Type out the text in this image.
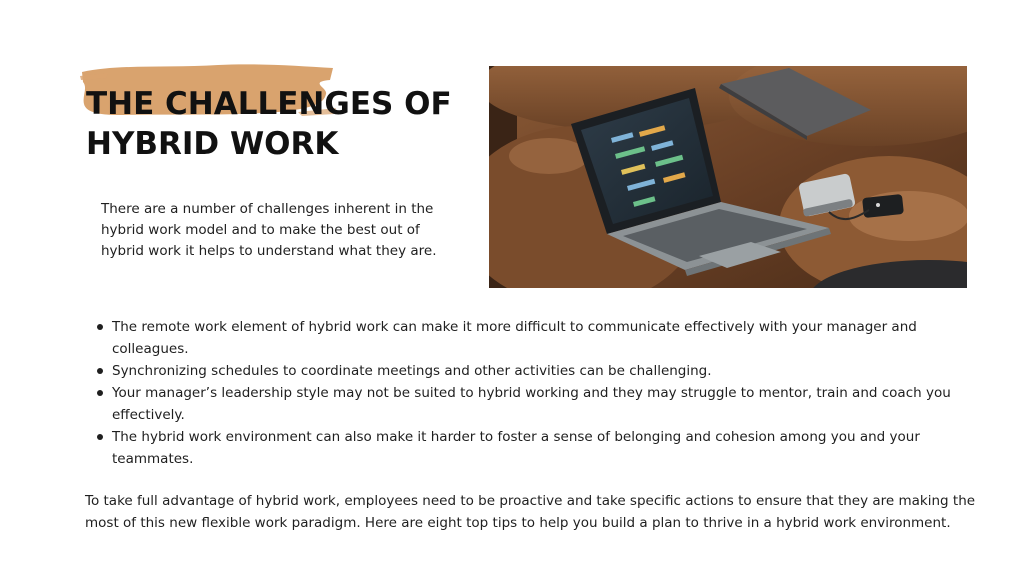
THE CHALLENGES OF
HYBRID WORK

There are a number of challenges inherent in the hybrid work model and to make the best out of hybrid work it helps to understand what they are.

The remote work element of hybrid work can make it more difficult to communicate effectively with your manager and colleagues.
Synchronizing schedules to coordinate meetings and other activities can be challenging.
Your manager’s leadership style may not be suited to hybrid working and they may struggle to mentor, train and coach you effectively.
The hybrid work environment can also make it harder to foster a sense of belonging and cohesion among you and your teammates.

To take full advantage of hybrid work, employees need to be proactive and take specific actions to ensure that they are making the most of this new flexible work paradigm. Here are eight top tips to help you build a plan to thrive in a hybrid work environment.
